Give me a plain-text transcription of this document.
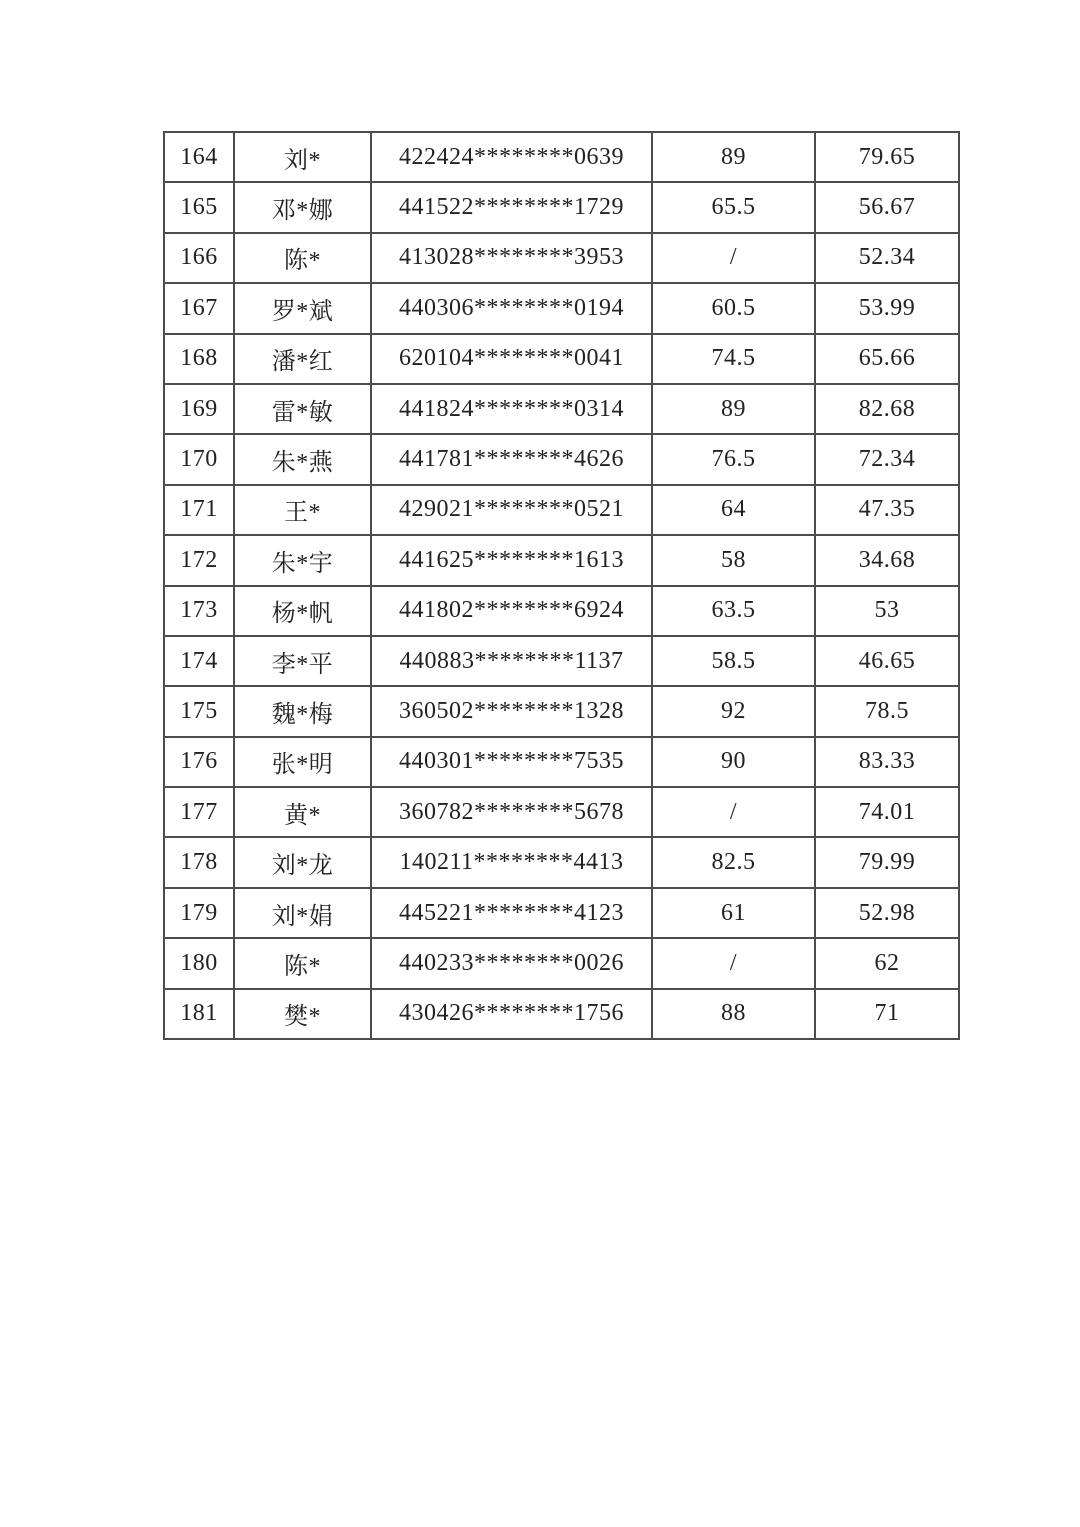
164	刘*	422424********0639	89	79.65
165	邓*娜	441522********1729	65.5	56.67
166	陈*	413028********3953	/	52.34
167	罗*斌	440306********0194	60.5	53.99
168	潘*红	620104********0041	74.5	65.66
169	雷*敏	441824********0314	89	82.68
170	朱*燕	441781********4626	76.5	72.34
171	王*	429021********0521	64	47.35
172	朱*宇	441625********1613	58	34.68
173	杨*帆	441802********6924	63.5	53
174	李*平	440883********1137	58.5	46.65
175	魏*梅	360502********1328	92	78.5
176	张*明	440301********7535	90	83.33
177	黄*	360782********5678	/	74.01
178	刘*龙	140211********4413	82.5	79.99
179	刘*娟	445221********4123	61	52.98
180	陈*	440233********0026	/	62
181	樊*	430426********1756	88	71
